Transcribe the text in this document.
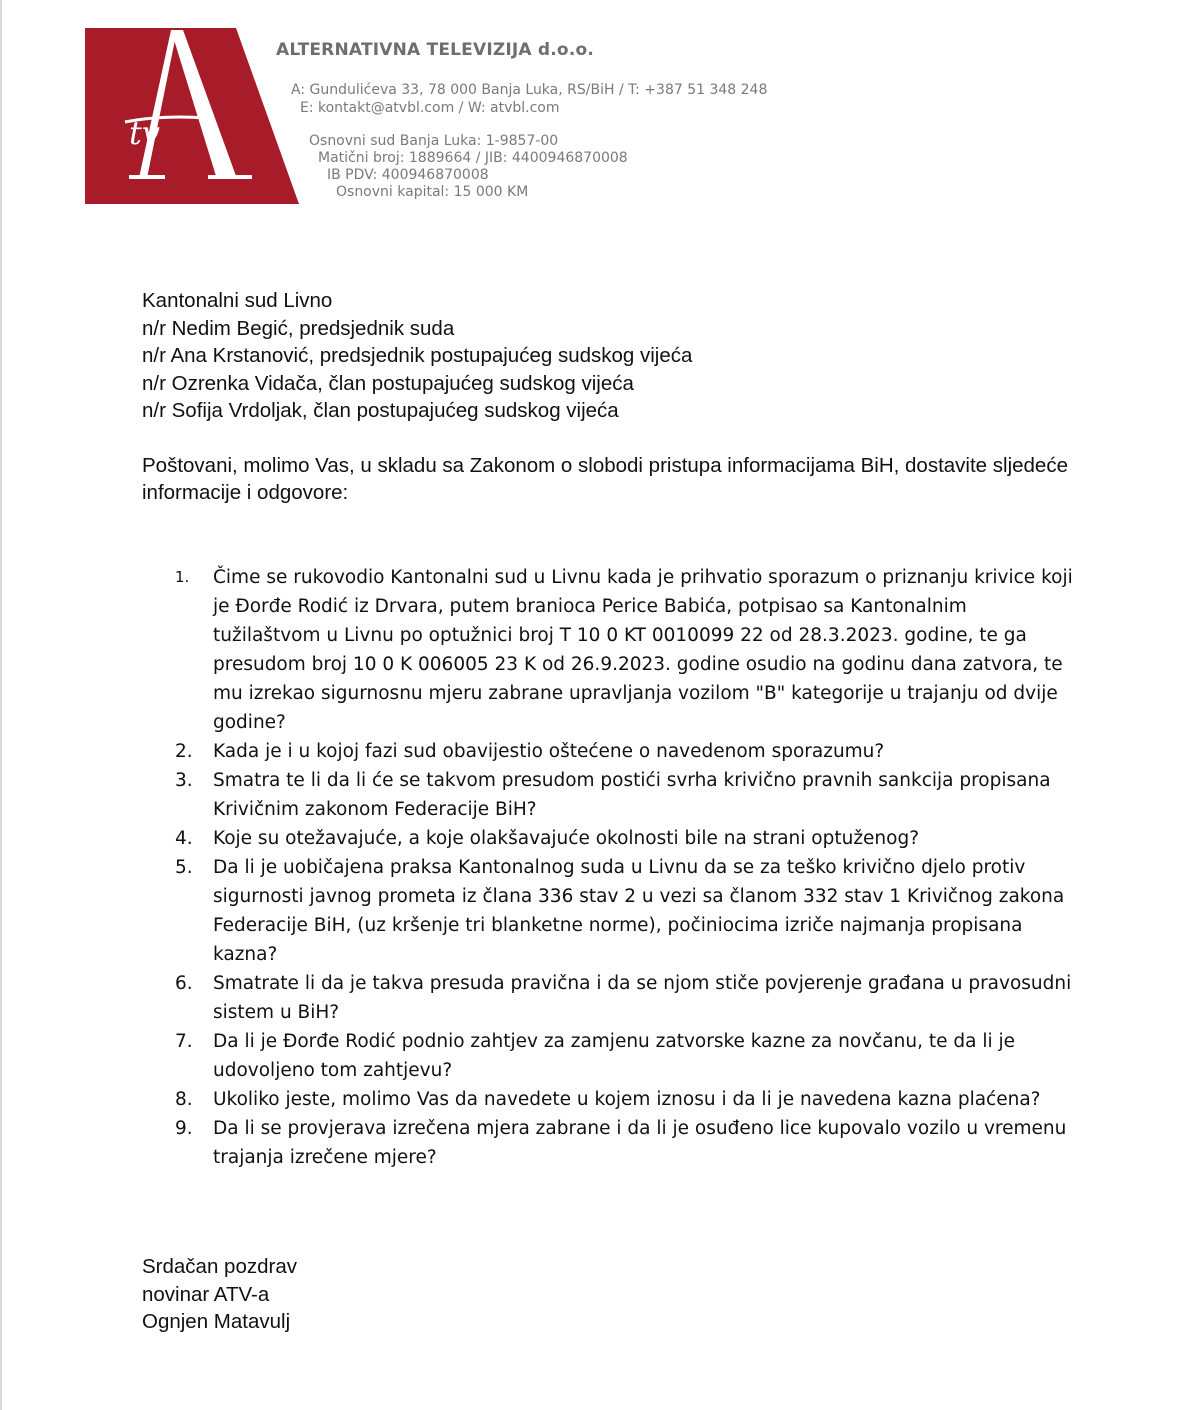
tv
ALTERNATIVNA TELEVIZIJA d.o.o.
A: Gundulićeva 33, 78 000 Banja Luka, RS/BiH / T: +387 51 348 248
E: kontakt@atvbl.com / W: atvbl.com
Osnovni sud Banja Luka: 1-9857-00
Matični broj: 1889664 / JIB: 4400946870008
IB PDV: 400946870008
Osnovni kapital: 15 000 KM
Kantonalni sud Livno
n/r Nedim Begić, predsjednik suda
n/r Ana Krstanović, predsjednik postupajućeg sudskog vijeća
n/r Ozrenka Vidača, član postupajućeg sudskog vijeća
n/r Sofija Vrdoljak, član postupajućeg sudskog vijeća
Poštovani, molimo Vas, u skladu sa Zakonom o slobodi pristupa informacijama BiH, dostavite sljedeće informacije i odgovore:
1.	Čime se rukovodio Kantonalni sud u Livnu kada je prihvatio sporazum o priznanju krivice koji je Đorđe Rodić iz Drvara, putem branioca Perice Babića, potpisao sa Kantonalnim tužilaštvom u Livnu po optužnici broj T 10 0 KT 0010099 22 od 28.3.2023. godine, te ga presudom broj 10 0 K 006005 23 K od 26.9.2023. godine osudio na godinu dana zatvora, te mu izrekao sigurnosnu mjeru zabrane upravljanja vozilom "B" kategorije u trajanju od dvije godine?
2.	Kada je i u kojoj fazi sud obavijestio oštećene o navedenom sporazumu?
3.	Smatra te li da li će se takvom presudom postići svrha krivično pravnih sankcija propisana Krivičnim zakonom Federacije BiH?
4.	Koje su otežavajuće, a koje olakšavajuće okolnosti bile na strani optuženog?
5.	Da li je uobičajena praksa Kantonalnog suda u Livnu da se za teško krivično djelo protiv sigurnosti javnog prometa iz člana 336 stav 2 u vezi sa članom 332 stav 1 Krivičnog zakona Federacije BiH, (uz kršenje tri blanketne norme), počiniocima izriče najmanja propisana kazna?
6.	Smatrate li da je takva presuda pravična i da se njom stiče povjerenje građana u pravosudni sistem u BiH?
7.	Da li je Đorđe Rodić podnio zahtjev za zamjenu zatvorske kazne za novčanu, te da li je udovoljeno tom zahtjevu?
8.	Ukoliko jeste, molimo Vas da navedete u kojem iznosu i da li je navedena kazna plaćena?
9.	Da li se provjerava izrečena mjera zabrane i da li je osuđeno lice kupovalo vozilo u vremenu trajanja izrečene mjere?
Srdačan pozdrav
novinar ATV-a
Ognjen Matavulj
